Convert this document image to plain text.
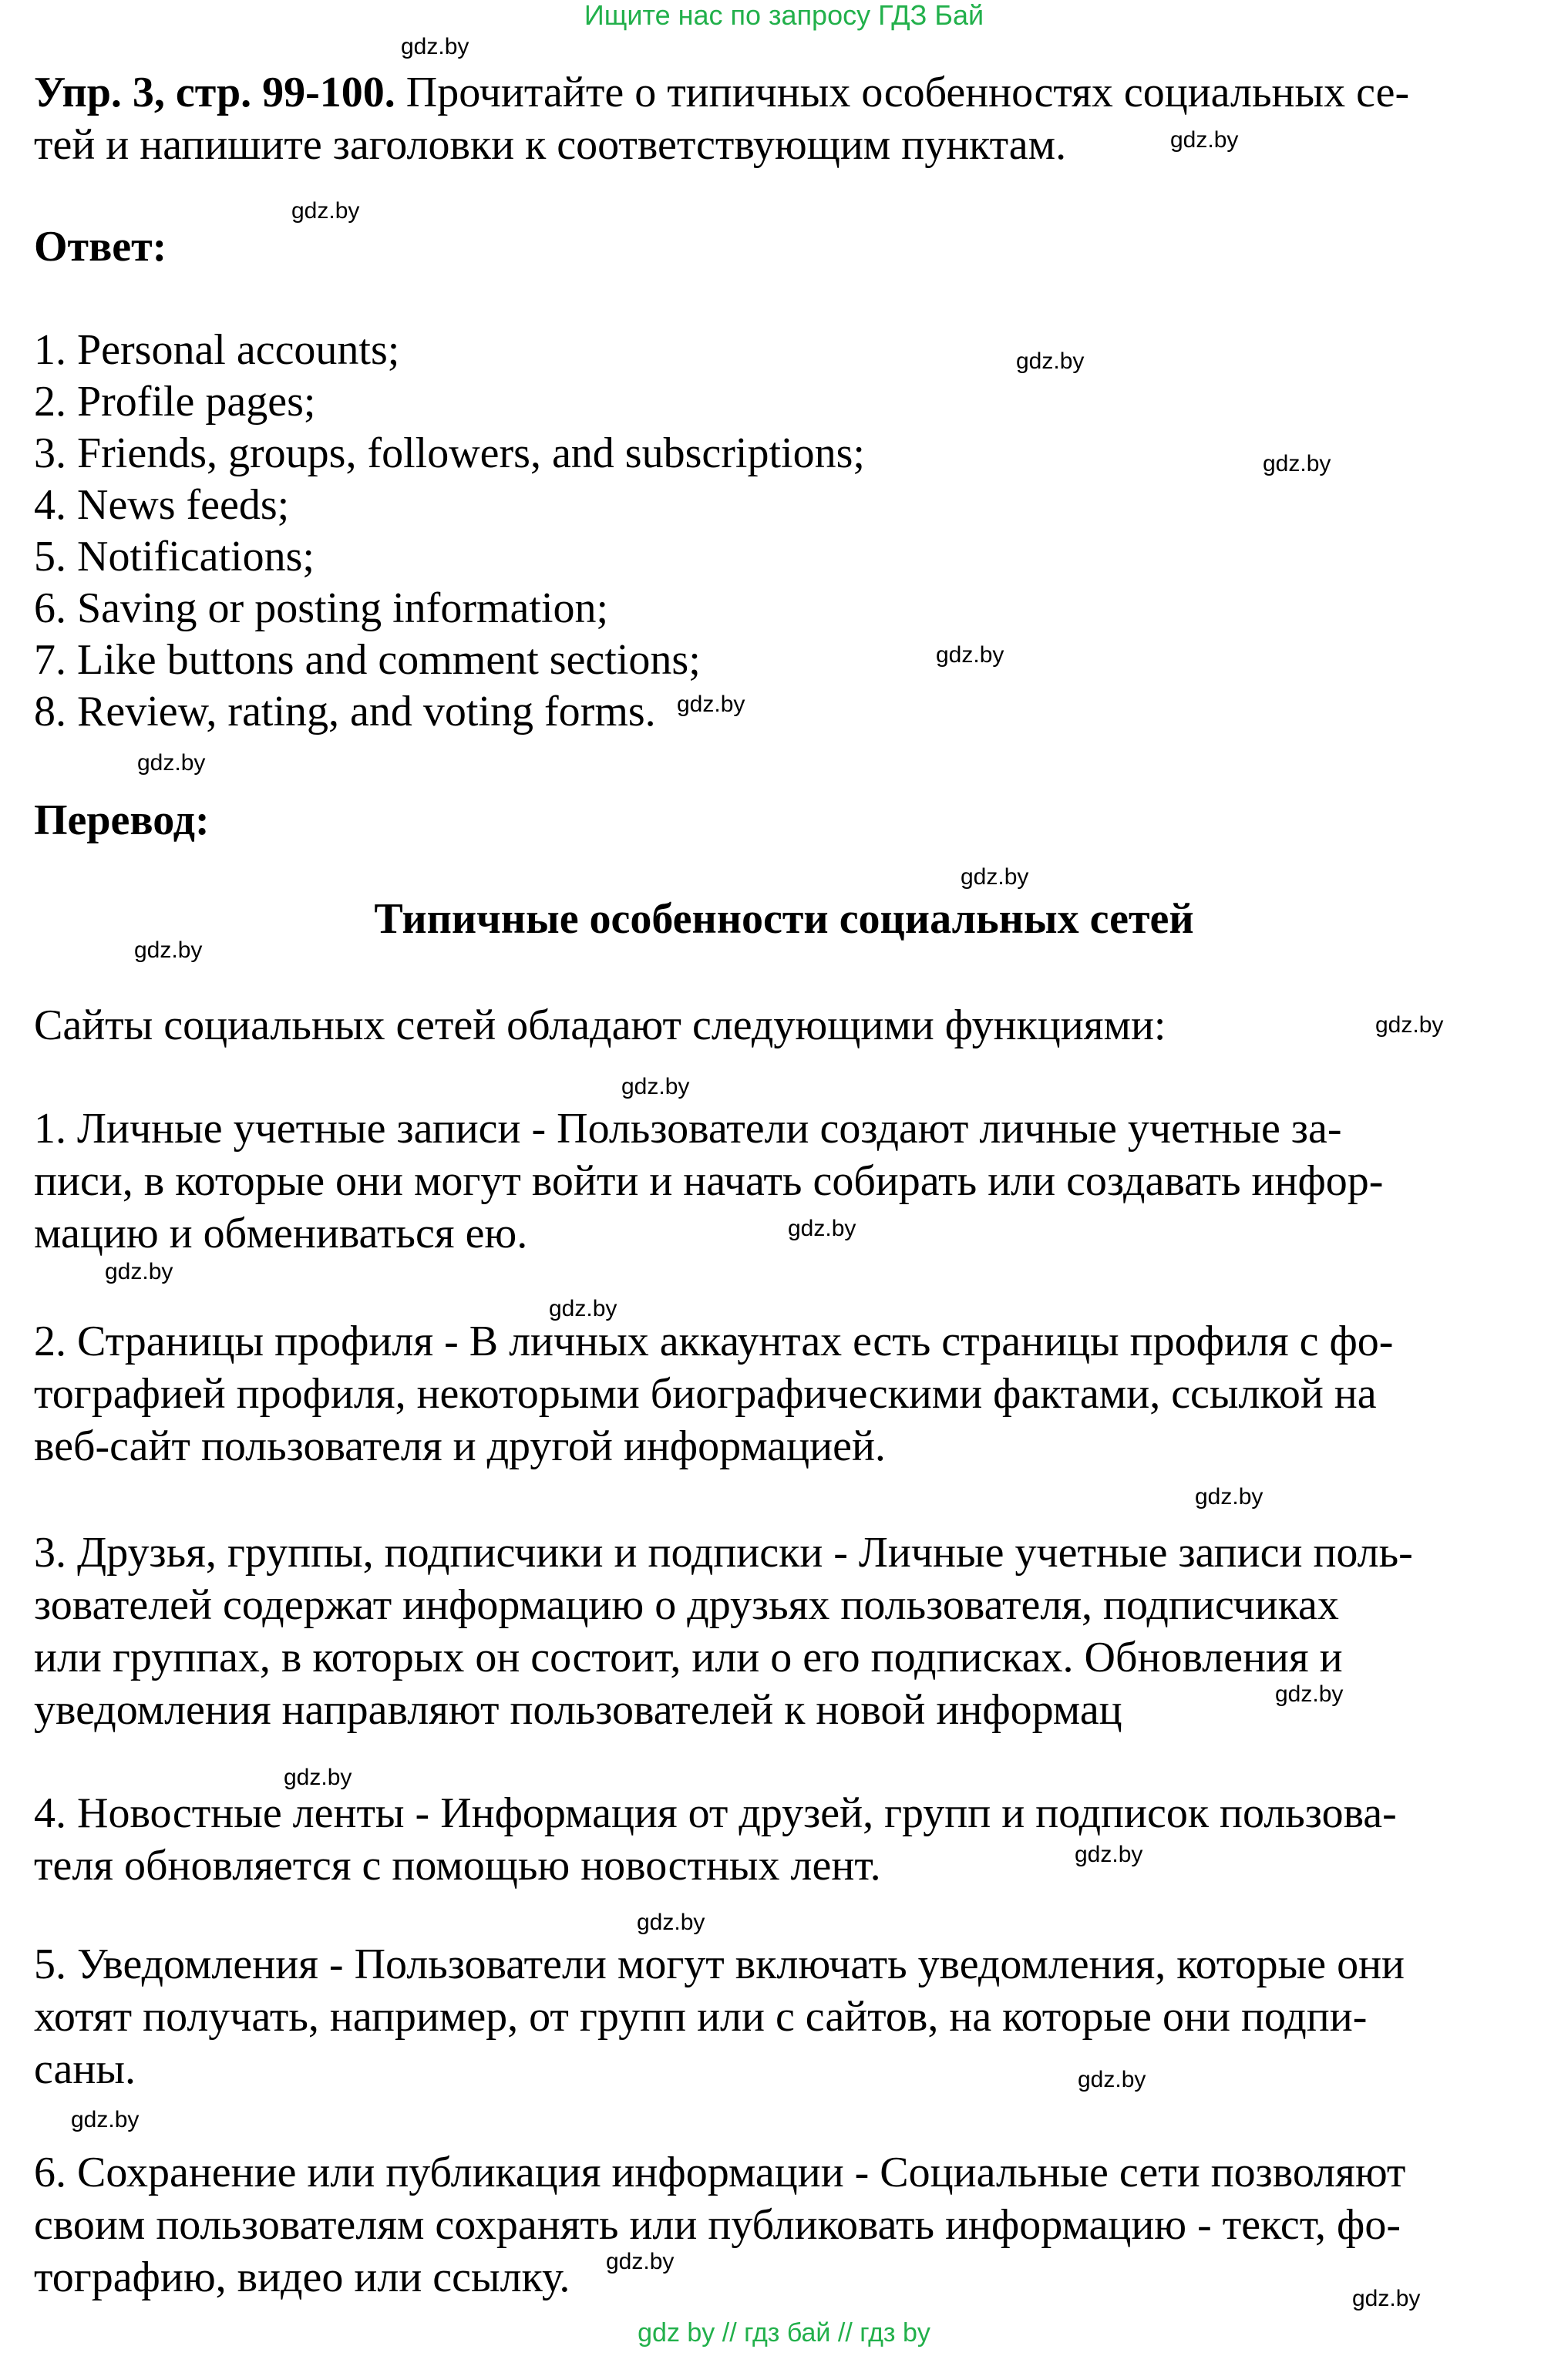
Ищите нас по запросу ГДЗ Бай
gdz.by
gdz.by
gdz.by
gdz.by
gdz.by
gdz.by
gdz.by
gdz.by
gdz.by
gdz.by
gdz.by
gdz.by
gdz.by
gdz.by
gdz.by
gdz.by
gdz.by
gdz.by
gdz.by
gdz.by
gdz.by
gdz.by
gdz.by
gdz.by
Упр. 3, стр. 99-100. Прочитайте о типичных особенностях социальных се-
тей и напишите заголовки к соответствующим пунктам.
Ответ:
1. Personal accounts;
2. Profile pages;
3. Friends, groups, followers, and subscriptions;
4. News feeds;
5. Notifications;
6. Saving or posting information;
7. Like buttons and comment sections;
8. Review, rating, and voting forms.
Перевод:
Типичные особенности социальных сетей
Сайты социальных сетей обладают следующими функциями:
1. Личные учетные записи - Пользователи создают личные учетные за-
писи, в которые они могут войти и начать собирать или создавать инфор-
мацию и обмениваться ею.
2. Страницы профиля - В личных аккаунтах есть страницы профиля с фо-
тографией профиля, некоторыми биографическими фактами, ссылкой на
веб-сайт пользователя и другой информацией.
3. Друзья, группы, подписчики и подписки - Личные учетные записи поль-
зователей содержат информацию о друзьях пользователя, подписчиках
или группах, в которых он состоит, или о его подписках. Обновления и
уведомления направляют пользователей к новой информац
4. Новостные ленты - Информация от друзей, групп и подписок пользова-
теля обновляется с помощью новостных лент.
5. Уведомления - Пользователи могут включать уведомления, которые они
хотят получать, например, от групп или с сайтов, на которые они подпи-
саны.
6. Сохранение или публикация информации - Социальные сети позволяют
своим пользователям сохранять или публиковать информацию - текст, фо-
тографию, видео или ссылку.
gdz by // гдз бай // гдз by
